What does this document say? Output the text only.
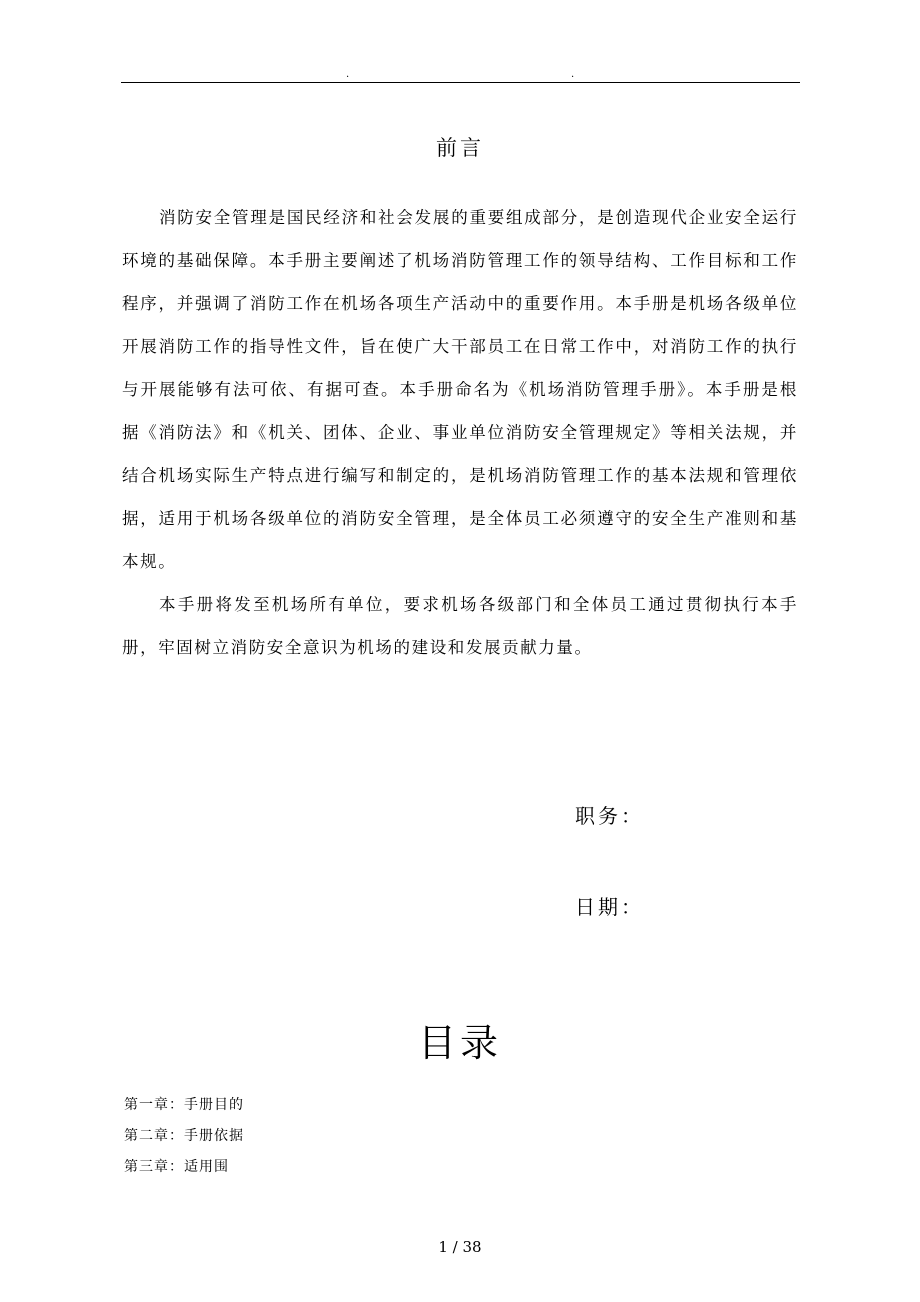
.	.
前言

消防安全管理是国民经济和社会发展的重要组成部分，是创造现代企业安全运行环境的基础保障。本手册主要阐述了机场消防管理工作的领导结构、工作目标和工作程序，并强调了消防工作在机场各项生产活动中的重要作用。本手册是机场各级单位开展消防工作的指导性文件，旨在使广大干部员工在日常工作中，对消防工作的执行与开展能够有法可依、有据可查。本手册命名为《机场消防管理手册》。本手册是根据《消防法》和《机关、团体、企业、事业单位消防安全管理规定》等相关法规，并结合机场实际生产特点进行编写和制定的，是机场消防管理工作的基本法规和管理依据，适用于机场各级单位的消防安全管理，是全体员工必须遵守的安全生产准则和基本规。

本手册将发至机场所有单位，要求机场各级部门和全体员工通过贯彻执行本手册，牢固树立消防安全意识为机场的建设和发展贡献力量。

职务：
日期：
目录
第一章：手册目的
第二章：手册依据
第三章：适用围
1 / 38
